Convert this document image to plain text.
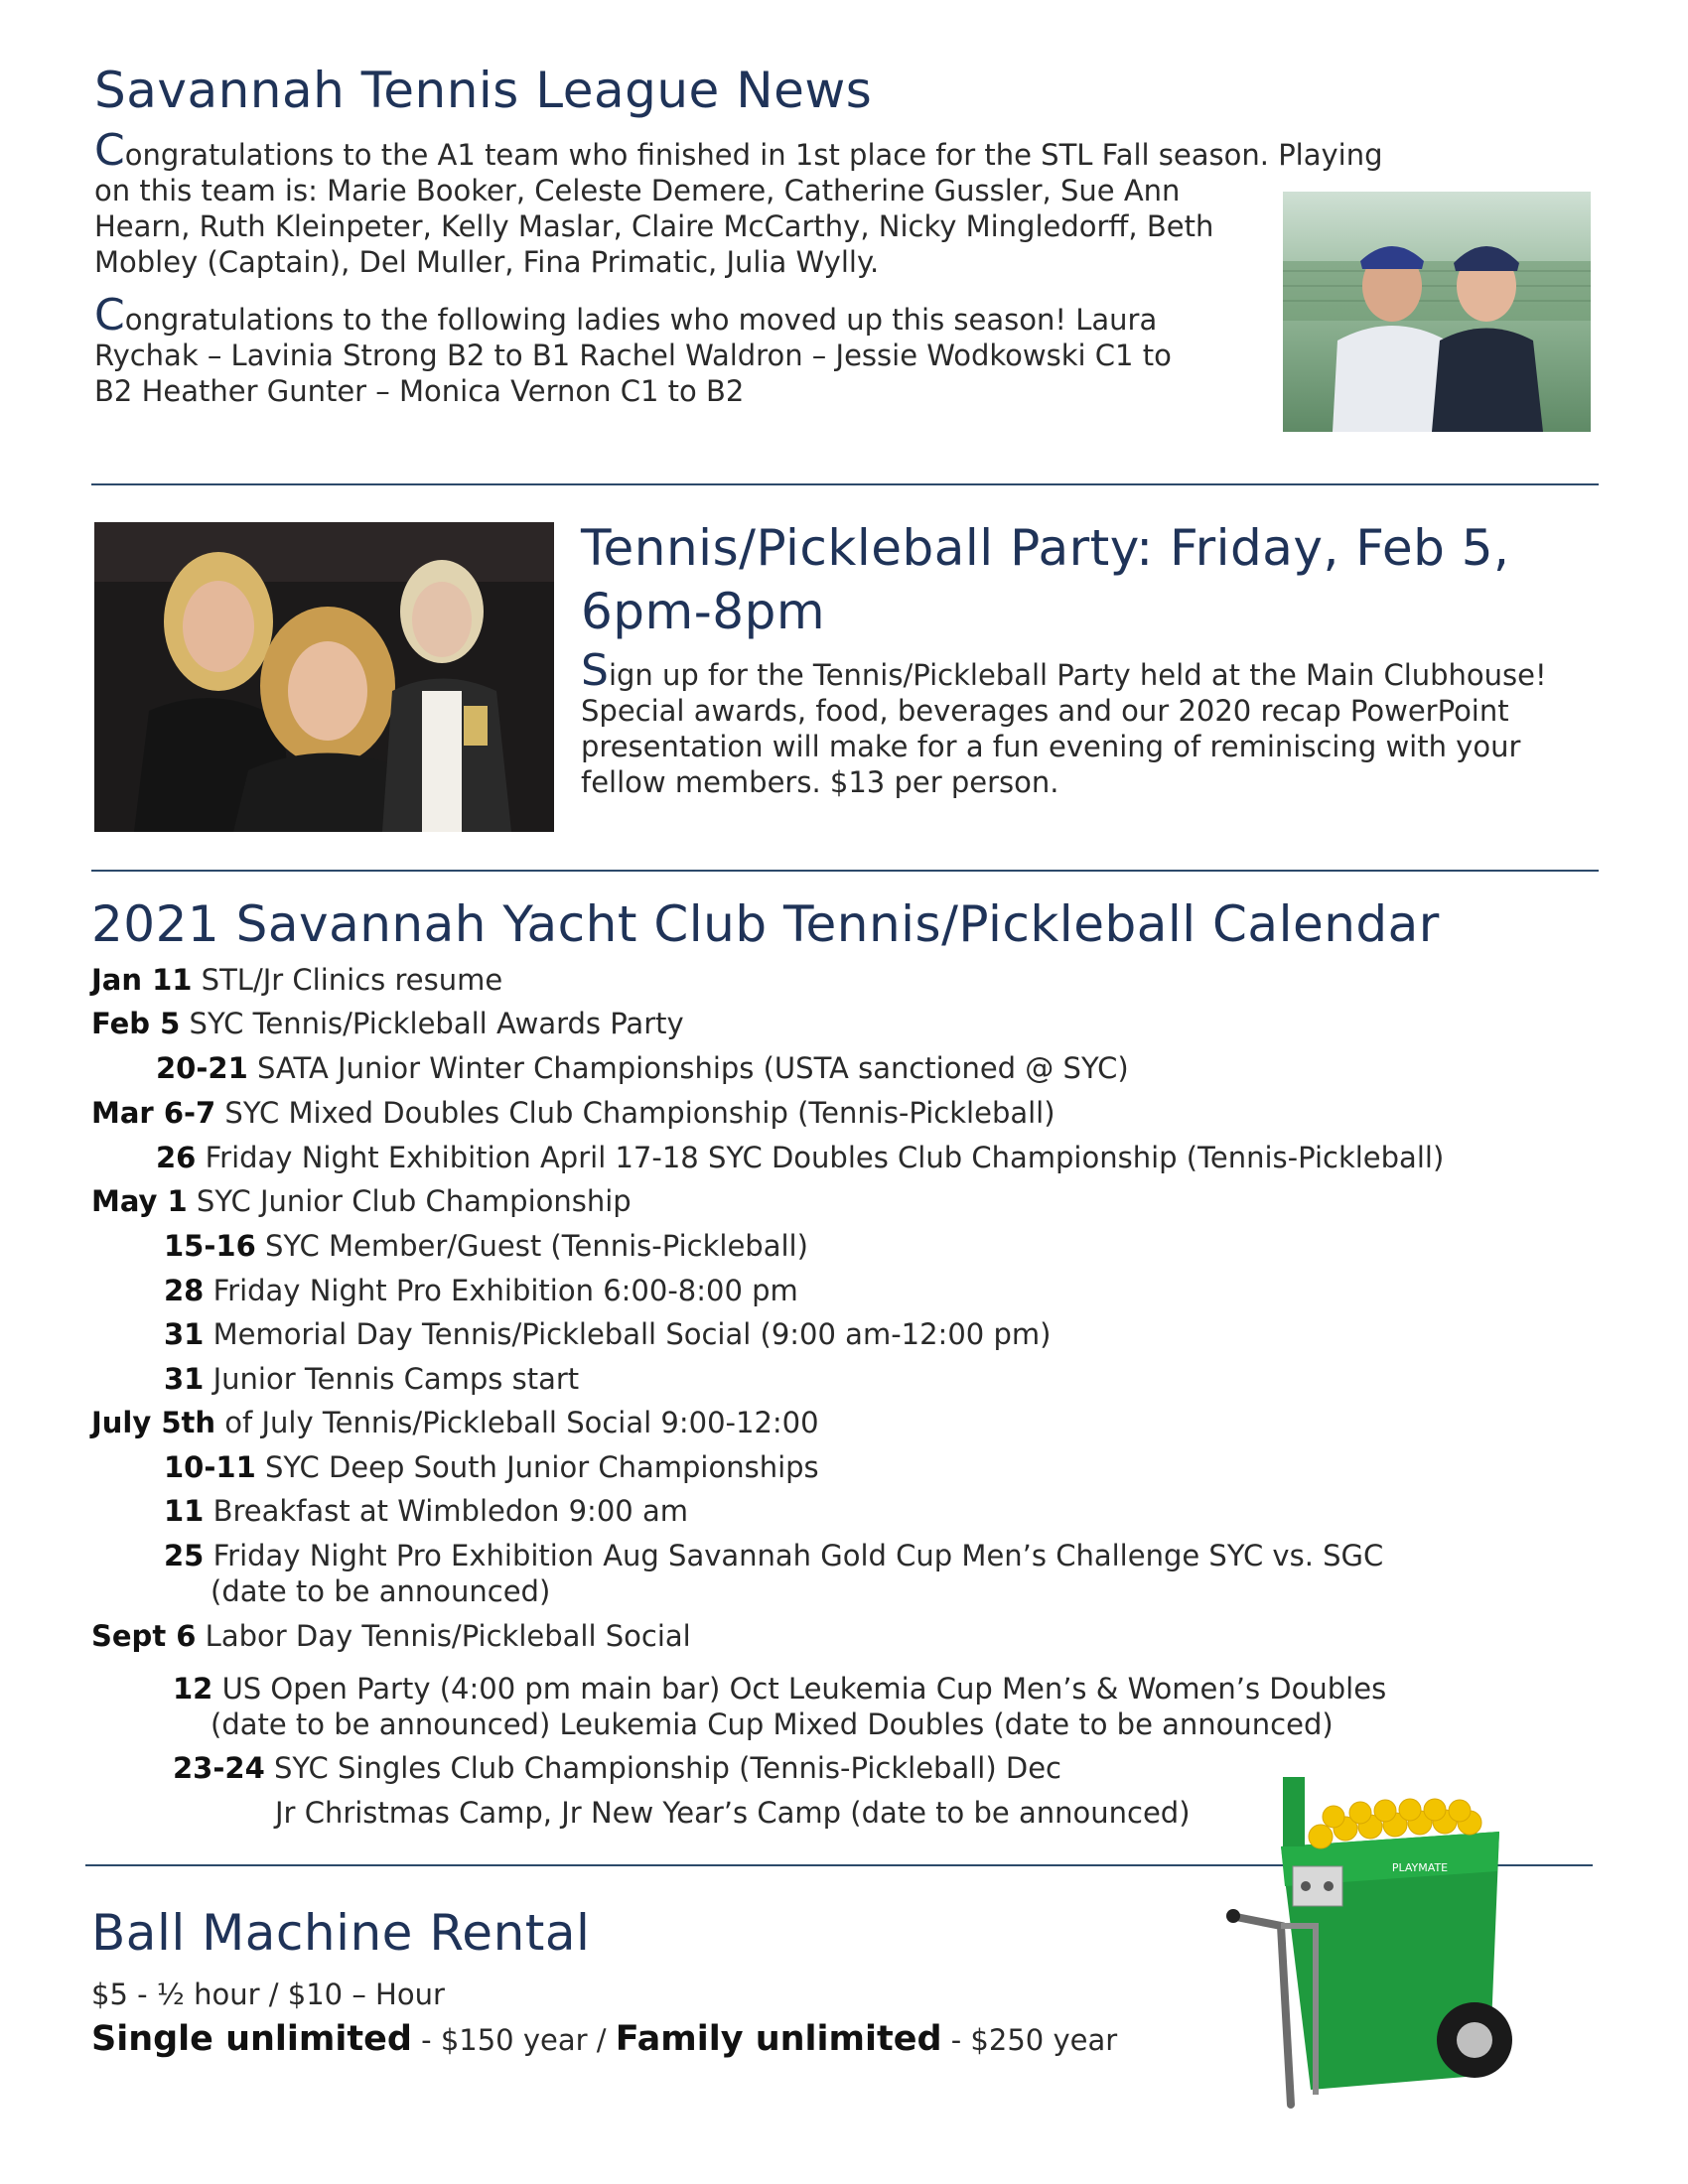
Savannah Tennis League News
Congratulations to the A1 team who finished in 1st place for the STL Fall season. Playing
on this team is: Marie Booker, Celeste Demere, Catherine Gussler, Sue Ann
Hearn, Ruth Kleinpeter, Kelly Maslar, Claire McCarthy, Nicky Mingledorff, Beth
Mobley (Captain), Del Muller, Fina Primatic, Julia Wylly.
Congratulations to the following ladies who moved up this season! Laura
Rychak – Lavinia Strong B2 to B1 Rachel Waldron – Jessie Wodkowski C1 to
B2 Heather Gunter – Monica Vernon C1 to B2
Tennis/Pickleball Party: Friday, Feb 5,
6pm-8pm
Sign up for the Tennis/Pickleball Party held at the Main Clubhouse!
Special awards, food, beverages and our 2020 recap PowerPoint
presentation will make for a fun evening of reminiscing with your
fellow members. $13 per person.
2021 Savannah Yacht Club Tennis/Pickleball Calendar
Jan 11 STL/Jr Clinics resume
Feb 5 SYC Tennis/Pickleball Awards Party
20-21 SATA Junior Winter Championships (USTA sanctioned @ SYC)
Mar 6-7 SYC Mixed Doubles Club Championship (Tennis-Pickleball)
26 Friday Night Exhibition April 17-18 SYC Doubles Club Championship (Tennis-Pickleball)
May 1 SYC Junior Club Championship
15-16 SYC Member/Guest (Tennis-Pickleball)
28 Friday Night Pro Exhibition 6:00-8:00 pm
31 Memorial Day Tennis/Pickleball Social (9:00 am-12:00 pm)
31 Junior Tennis Camps start
July 5th of July Tennis/Pickleball Social 9:00-12:00
10-11 SYC Deep South Junior Championships
11 Breakfast at Wimbledon 9:00 am
25 Friday Night Pro Exhibition Aug Savannah Gold Cup Men’s Challenge SYC vs. SGC
(date to be announced)
Sept 6 Labor Day Tennis/Pickleball Social
12 US Open Party (4:00 pm main bar) Oct Leukemia Cup Men’s & Women’s Doubles
(date to be announced) Leukemia Cup Mixed Doubles (date to be announced)
23-24 SYC Singles Club Championship (Tennis-Pickleball) Dec
Jr Christmas Camp, Jr New Year’s Camp (date to be announced)
Ball Machine Rental
$5 - ½ hour / $10 – Hour
Single unlimited - $150 year / Family unlimited - $250 year
PLAYMATE
